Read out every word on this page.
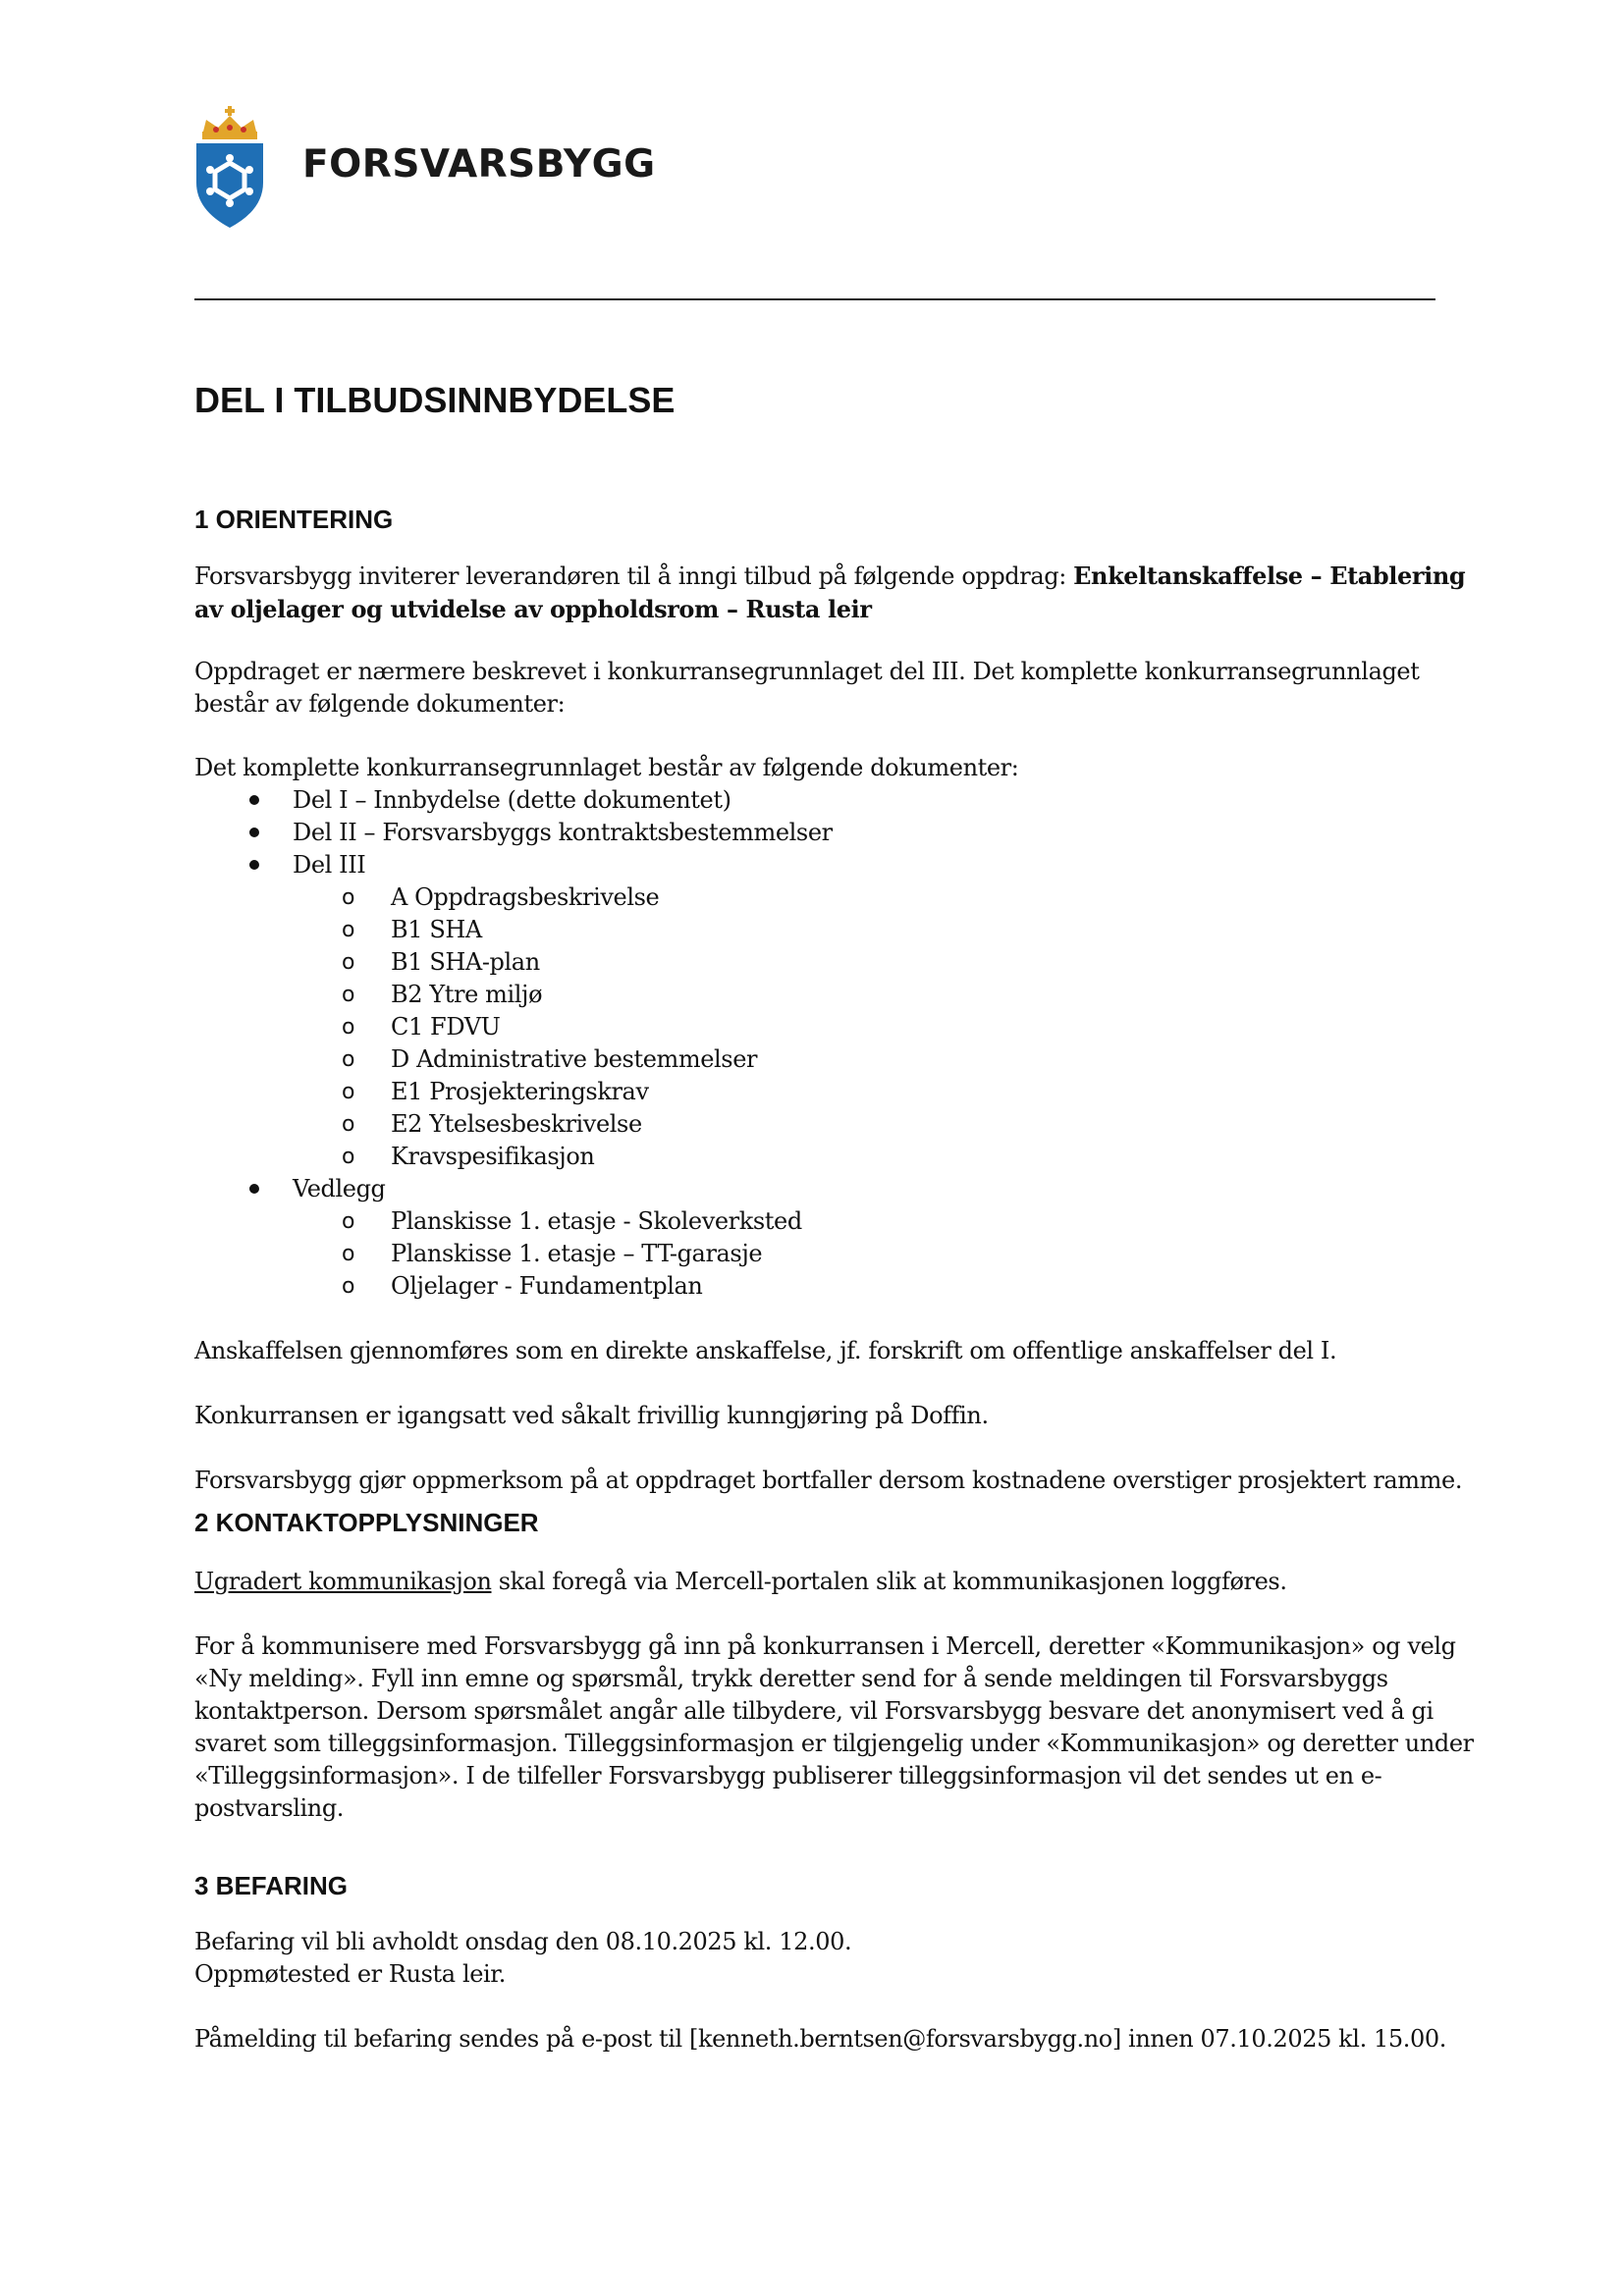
FORSVARSBYGG
DEL I TILBUDSINNBYDELSE
1 ORIENTERING
Forsvarsbygg inviterer leverandøren til å inngi tilbud på følgende oppdrag: Enkeltanskaffelse – Etablering
av oljelager og utvidelse av oppholdsrom – Rusta leir
Oppdraget er nærmere beskrevet i konkurransegrunnlaget del III. Det komplette konkurransegrunnlaget
består av følgende dokumenter:
Det komplette konkurransegrunnlaget består av følgende dokumenter:
Del I – Innbydelse (dette dokumentet)
Del II – Forsvarsbyggs kontraktsbestemmelser
Del III
o A Oppdragsbeskrivelse
o B1 SHA
o B1 SHA-plan
o B2 Ytre miljø
o C1 FDVU
o D Administrative bestemmelser
o E1 Prosjekteringskrav
o E2 Ytelsesbeskrivelse
o Kravspesifikasjon
Vedlegg
o Planskisse 1. etasje - Skoleverksted
o Planskisse 1. etasje – TT-garasje
o Oljelager - Fundamentplan
Anskaffelsen gjennomføres som en direkte anskaffelse, jf. forskrift om offentlige anskaffelser del I.
Konkurransen er igangsatt ved såkalt frivillig kunngjøring på Doffin.
Forsvarsbygg gjør oppmerksom på at oppdraget bortfaller dersom kostnadene overstiger prosjektert ramme.
2 KONTAKTOPPLYSNINGER
Ugradert kommunikasjon skal foregå via Mercell-portalen slik at kommunikasjonen loggføres.
For å kommunisere med Forsvarsbygg gå inn på konkurransen i Mercell, deretter «Kommunikasjon» og velg
«Ny melding». Fyll inn emne og spørsmål, trykk deretter send for å sende meldingen til Forsvarsbyggs
kontaktperson. Dersom spørsmålet angår alle tilbydere, vil Forsvarsbygg besvare det anonymisert ved å gi
svaret som tilleggsinformasjon. Tilleggsinformasjon er tilgjengelig under «Kommunikasjon» og deretter under
«Tilleggsinformasjon». I de tilfeller Forsvarsbygg publiserer tilleggsinformasjon vil det sendes ut en e-
postvarsling.
3 BEFARING
Befaring vil bli avholdt onsdag den 08.10.2025 kl. 12.00.
Oppmøtested er Rusta leir.
Påmelding til befaring sendes på e-post til [kenneth.berntsen@forsvarsbygg.no] innen 07.10.2025 kl. 15.00.
